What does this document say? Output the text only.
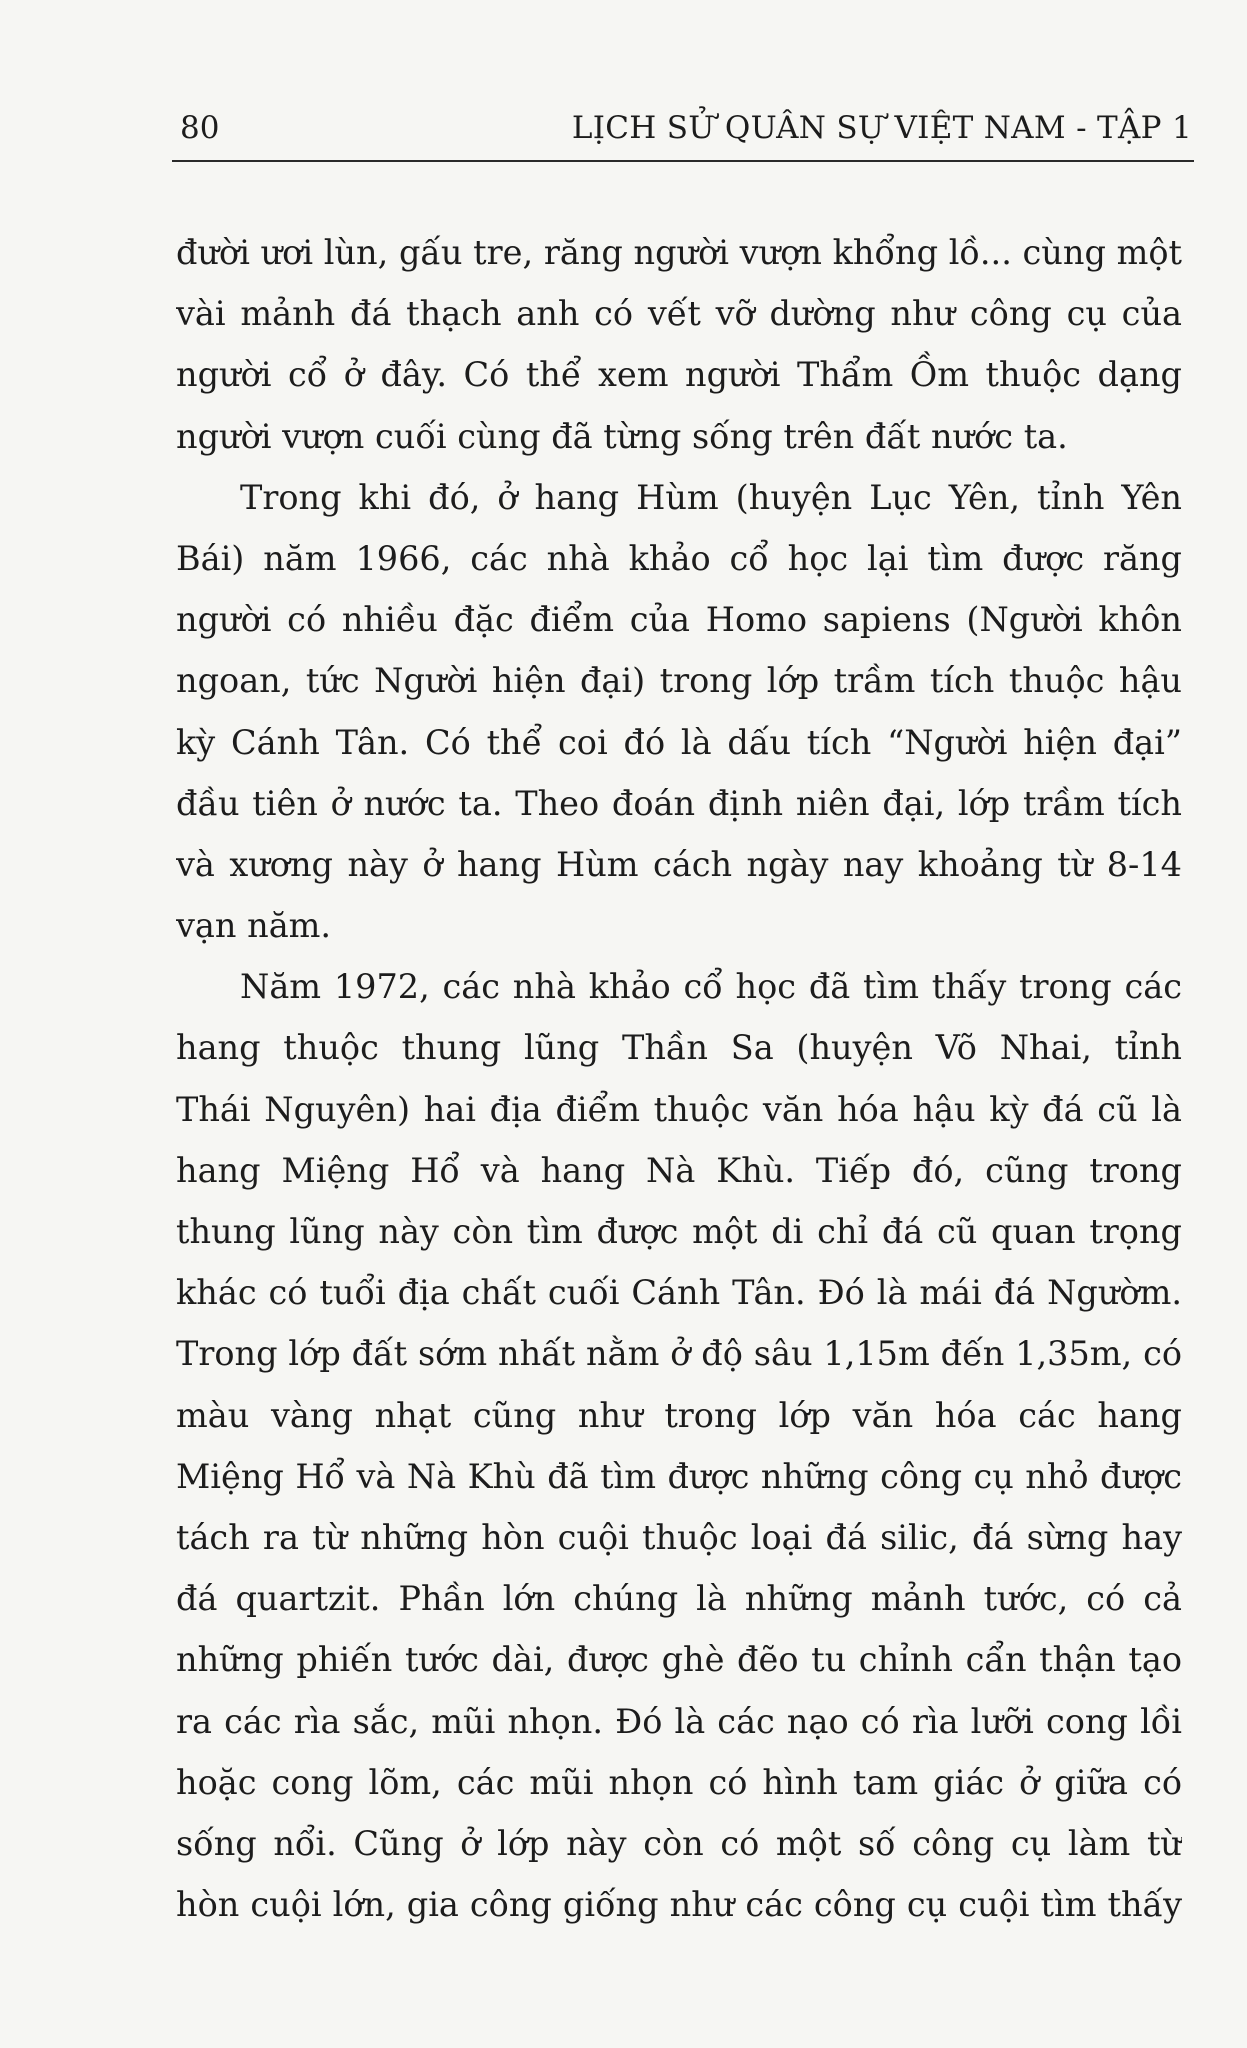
80	LỊCH SỬ QUÂN SỰ VIỆT NAM - TẬP 1
đười ươi lùn, gấu tre, răng người vượn khổng lồ... cùng một
vài mảnh đá thạch anh có vết vỡ dường như công cụ của
người cổ ở đây. Có thể xem người Thẩm Ồm thuộc dạng
người vượn cuối cùng đã từng sống trên đất nước ta.
Trong khi đó, ở hang Hùm (huyện Lục Yên, tỉnh Yên
Bái) năm 1966, các nhà khảo cổ học lại tìm được răng
người có nhiều đặc điểm của Homo sapiens (Người khôn
ngoan, tức Người hiện đại) trong lớp trầm tích thuộc hậu
kỳ Cánh Tân. Có thể coi đó là dấu tích “Người hiện đại”
đầu tiên ở nước ta. Theo đoán định niên đại, lớp trầm tích
và xương này ở hang Hùm cách ngày nay khoảng từ 8-14
vạn năm.
Năm 1972, các nhà khảo cổ học đã tìm thấy trong các
hang thuộc thung lũng Thần Sa (huyện Võ Nhai, tỉnh
Thái Nguyên) hai địa điểm thuộc văn hóa hậu kỳ đá cũ là
hang Miệng Hổ và hang Nà Khù. Tiếp đó, cũng trong
thung lũng này còn tìm được một di chỉ đá cũ quan trọng
khác có tuổi địa chất cuối Cánh Tân. Đó là mái đá Ngườm.
Trong lớp đất sớm nhất nằm ở độ sâu 1,15m đến 1,35m, có
màu vàng nhạt cũng như trong lớp văn hóa các hang
Miệng Hổ và Nà Khù đã tìm được những công cụ nhỏ được
tách ra từ những hòn cuội thuộc loại đá silic, đá sừng hay
đá quartzit. Phần lớn chúng là những mảnh tước, có cả
những phiến tước dài, được ghè đẽo tu chỉnh cẩn thận tạo
ra các rìa sắc, mũi nhọn. Đó là các nạo có rìa lưỡi cong lồi
hoặc cong lõm, các mũi nhọn có hình tam giác ở giữa có
sống nổi. Cũng ở lớp này còn có một số công cụ làm từ
hòn cuội lớn, gia công giống như các công cụ cuội tìm thấy
